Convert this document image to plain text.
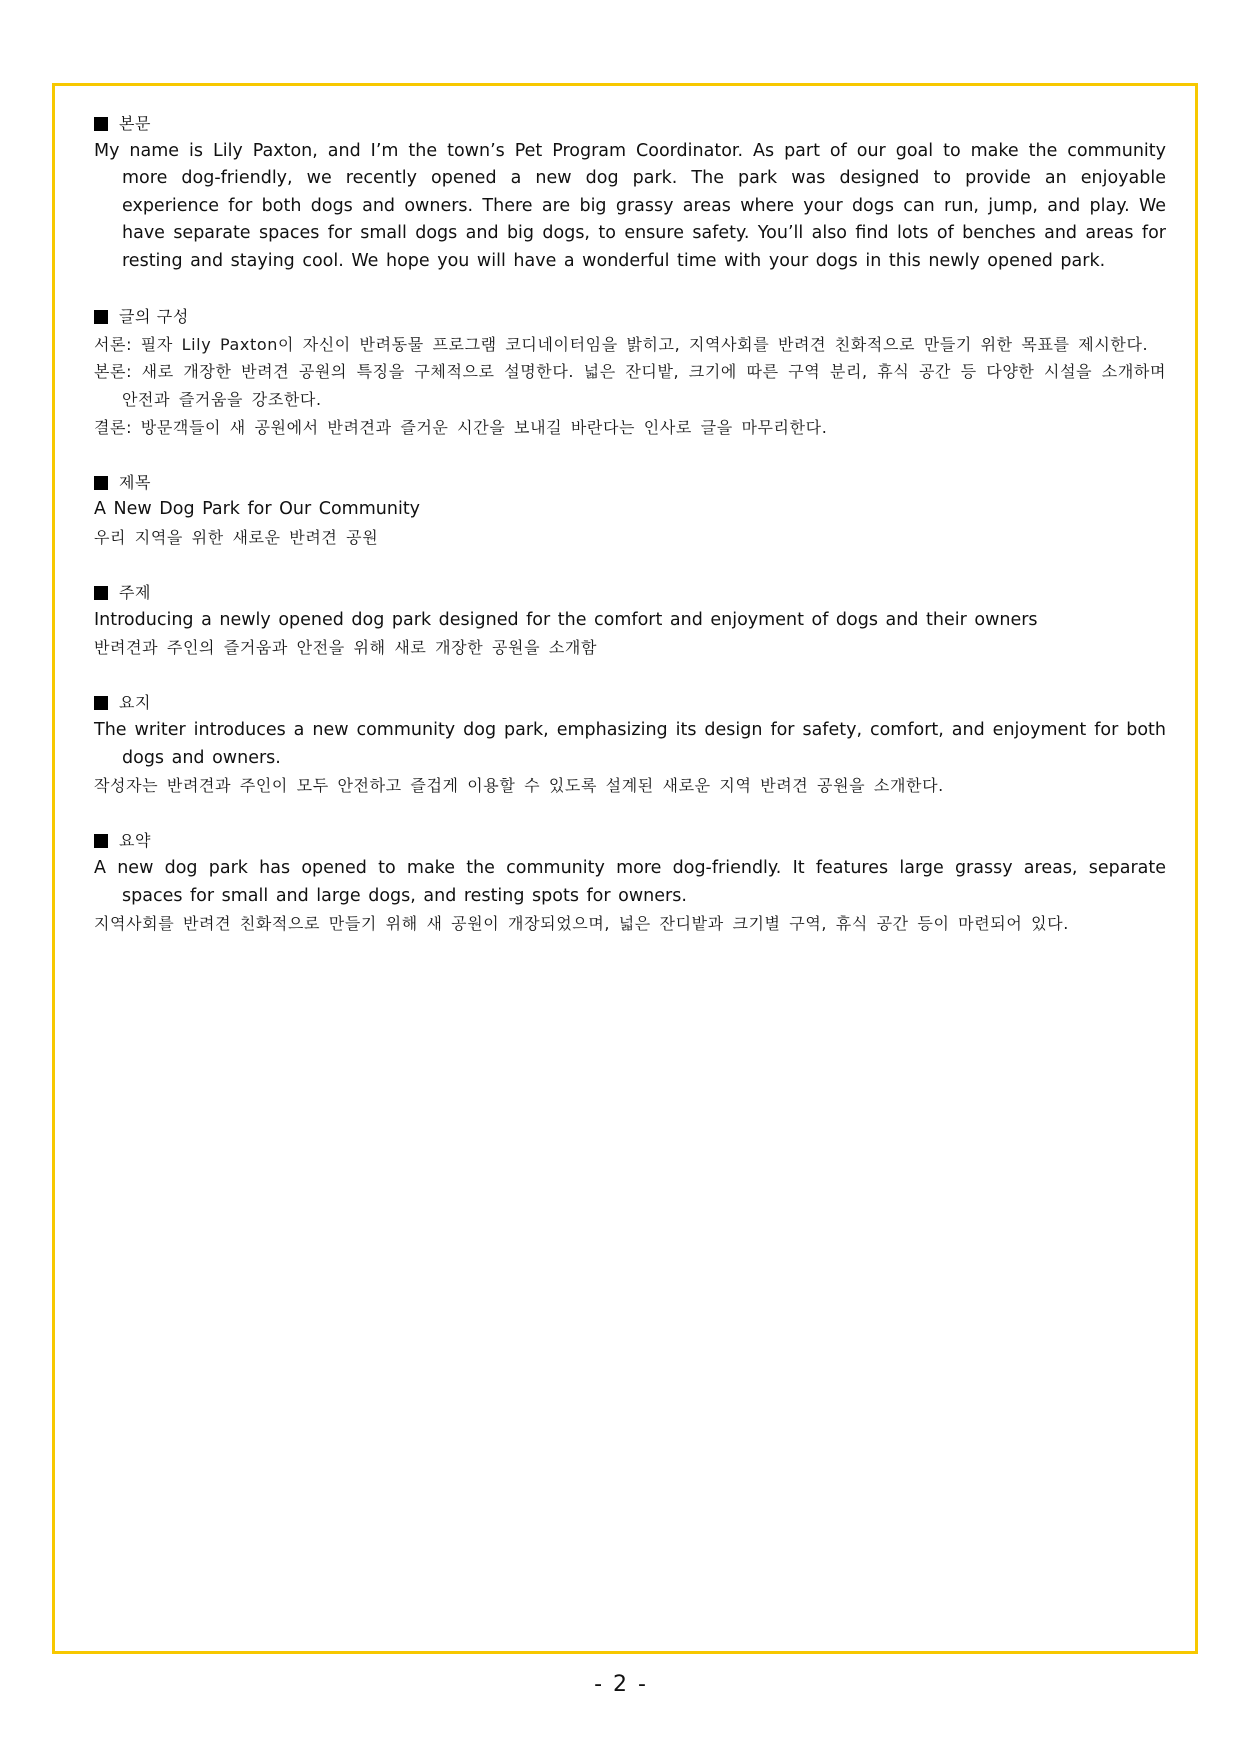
본문

My name is Lily Paxton, and I’m the town’s Pet Program Coordinator. As part of our goal to make the community more dog-friendly, we recently opened a new dog park. The park was designed to provide an enjoyable experience for both dogs and owners. There are big grassy areas where your dogs can run, jump, and play. We have separate spaces for small dogs and big dogs, to ensure safety. You’ll also find lots of benches and areas for resting and staying cool. We hope you will have a wonderful time with your dogs in this newly opened park.

글의 구성

서론: 필자 Lily Paxton이 자신이 반려동물 프로그램 코디네이터임을 밝히고, 지역사회를 반려견 친화적으로 만들기 위한 목표를 제시한다.

본론: 새로 개장한 반려견 공원의 특징을 구체적으로 설명한다. 넓은 잔디밭, 크기에 따른 구역 분리, 휴식 공간 등 다양한 시설을 소개하며 안전과 즐거움을 강조한다.

결론: 방문객들이 새 공원에서 반려견과 즐거운 시간을 보내길 바란다는 인사로 글을 마무리한다.

제목

A New Dog Park for Our Community

우리 지역을 위한 새로운 반려견 공원

주제

Introducing a newly opened dog park designed for the comfort and enjoyment of dogs and their owners

반려견과 주인의 즐거움과 안전을 위해 새로 개장한 공원을 소개함

요지

The writer introduces a new community dog park, emphasizing its design for safety, comfort, and enjoyment for both dogs and owners.

작성자는 반려견과 주인이 모두 안전하고 즐겁게 이용할 수 있도록 설계된 새로운 지역 반려견 공원을 소개한다.

요약

A new dog park has opened to make the community more dog-friendly. It features large grassy areas, separate spaces for small and large dogs, and resting spots for owners.

지역사회를 반려견 친화적으로 만들기 위해 새 공원이 개장되었으며, 넓은 잔디밭과 크기별 구역, 휴식 공간 등이 마련되어 있다.

- 2 -
